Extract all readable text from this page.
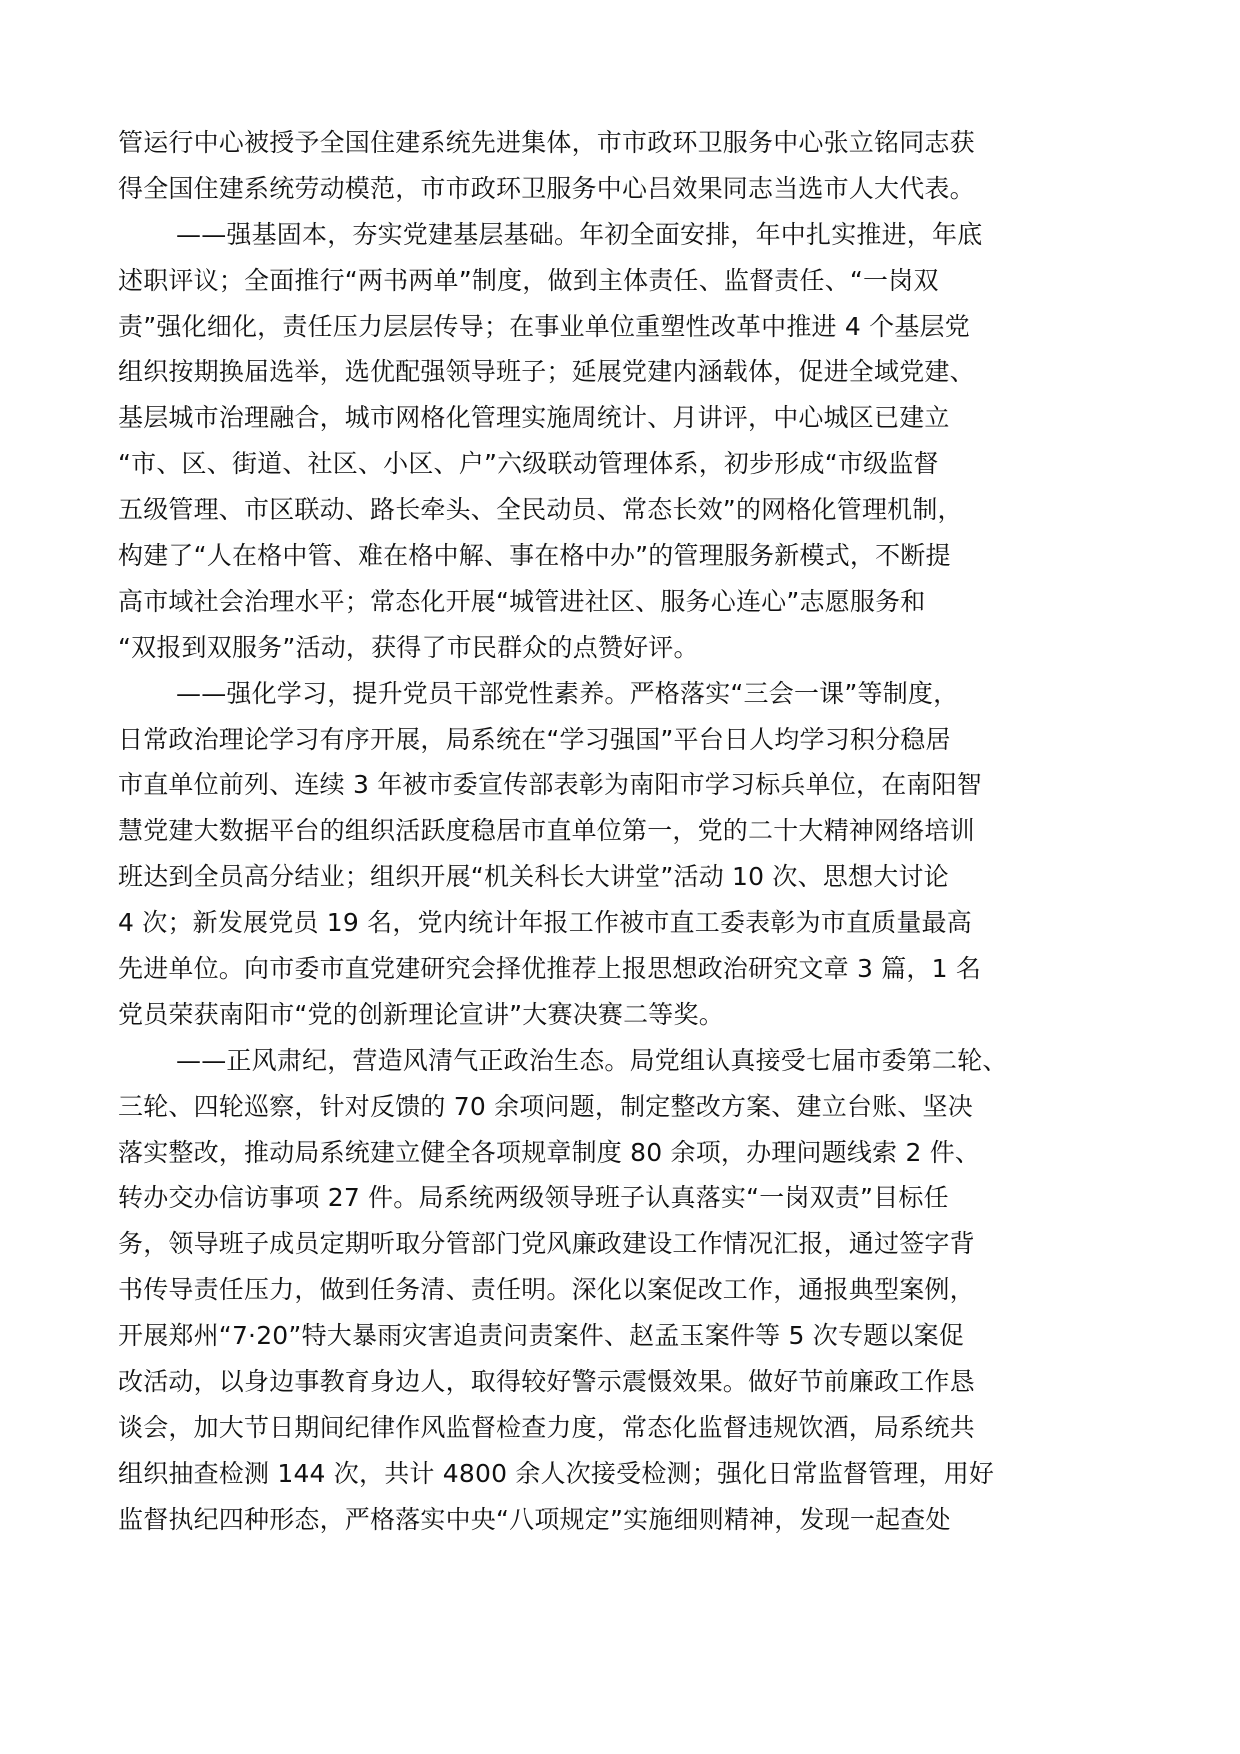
管运行中心被授予全国住建系统先进集体，市市政环卫服务中心张立铭同志获
得全国住建系统劳动模范，市市政环卫服务中心吕效果同志当选市人大代表。
——强基固本，夯实党建基层基础。年初全面安排，年中扎实推进，年底
述职评议；全面推行“两书两单”制度，做到主体责任、监督责任、“一岗双
责”强化细化，责任压力层层传导；在事业单位重塑性改革中推进 4 个基层党
组织按期换届选举，选优配强领导班子；延展党建内涵载体，促进全域党建、
基层城市治理融合，城市网格化管理实施周统计、月讲评，中心城区已建立
“市、区、街道、社区、小区、户”六级联动管理体系，初步形成“市级监督
五级管理、市区联动、路长牵头、全民动员、常态长效”的网格化管理机制，
构建了“人在格中管、难在格中解、事在格中办”的管理服务新模式，不断提
高市域社会治理水平；常态化开展“城管进社区、服务心连心”志愿服务和
“双报到双服务”活动，获得了市民群众的点赞好评。
——强化学习，提升党员干部党性素养。严格落实“三会一课”等制度，
日常政治理论学习有序开展，局系统在“学习强国”平台日人均学习积分稳居
市直单位前列、连续 3 年被市委宣传部表彰为南阳市学习标兵单位，在南阳智
慧党建大数据平台的组织活跃度稳居市直单位第一，党的二十大精神网络培训
班达到全员高分结业；组织开展“机关科长大讲堂”活动 10 次、思想大讨论
4 次；新发展党员 19 名，党内统计年报工作被市直工委表彰为市直质量最高
先进单位。向市委市直党建研究会择优推荐上报思想政治研究文章 3 篇，1 名
党员荣获南阳市“党的创新理论宣讲”大赛决赛二等奖。
——正风肃纪，营造风清气正政治生态。局党组认真接受七届市委第二轮、
三轮、四轮巡察，针对反馈的 70 余项问题，制定整改方案、建立台账、坚决
落实整改，推动局系统建立健全各项规章制度 80 余项，办理问题线索 2 件、
转办交办信访事项 27 件。局系统两级领导班子认真落实“一岗双责”目标任
务，领导班子成员定期听取分管部门党风廉政建设工作情况汇报，通过签字背
书传导责任压力，做到任务清、责任明。深化以案促改工作，通报典型案例，
开展郑州“7·20”特大暴雨灾害追责问责案件、赵孟玉案件等 5 次专题以案促
改活动，以身边事教育身边人，取得较好警示震慑效果。做好节前廉政工作恳
谈会，加大节日期间纪律作风监督检查力度，常态化监督违规饮酒，局系统共
组织抽查检测 144 次，共计 4800 余人次接受检测；强化日常监督管理，用好
监督执纪四种形态，严格落实中央“八项规定”实施细则精神，发现一起查处
